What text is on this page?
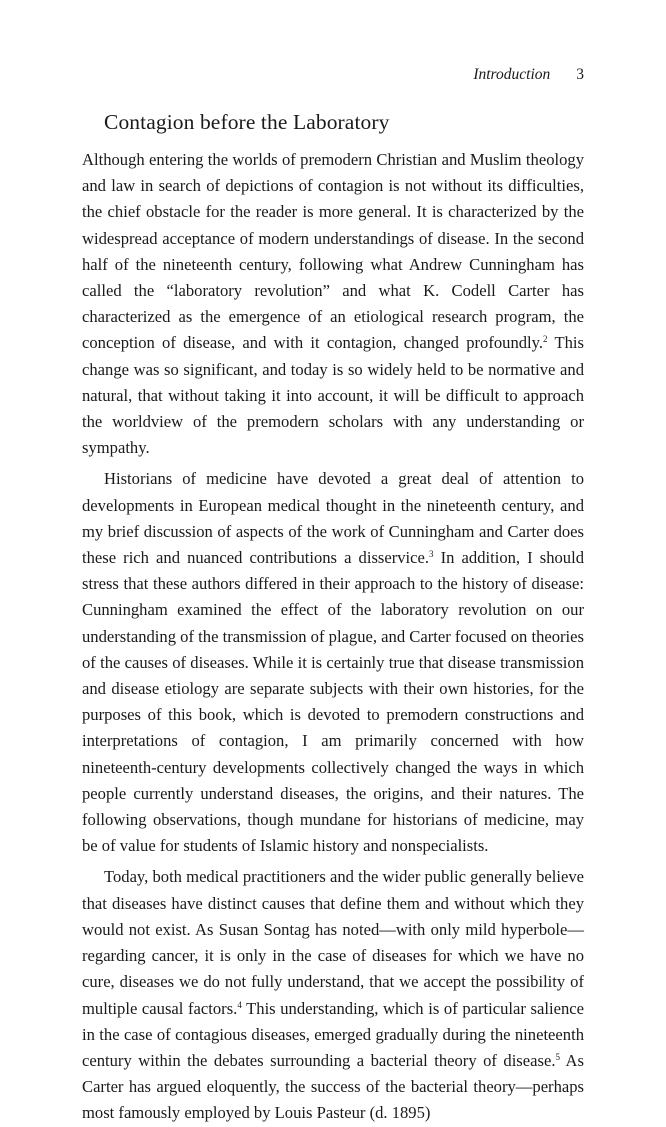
Introduction 3
Contagion before the Laboratory

Although entering the worlds of premodern Christian and Muslim theology and law in search of depictions of contagion is not without its difficulties, the chief obstacle for the reader is more general. It is characterized by the widespread acceptance of modern understandings of disease. In the second half of the nineteenth century, following what Andrew Cunningham has called the “laboratory revolution” and what K. Codell Carter has characterized as the emergence of an etiological research program, the conception of disease, and with it contagion, changed profoundly.$^2$ This change was so significant, and today is so widely held to be normative and natural, that without taking it into account, it will be difficult to approach the worldview of the premodern scholars with any understanding or sympathy.

Historians of medicine have devoted a great deal of attention to developments in European medical thought in the nineteenth century, and my brief discussion of aspects of the work of Cunningham and Carter does these rich and nuanced contributions a disservice.$^3$ In addition, I should stress that these authors differed in their approach to the history of disease: Cunningham examined the effect of the laboratory revolution on our understanding of the transmission of plague, and Carter focused on theories of the causes of diseases. While it is certainly true that disease transmission and disease etiology are separate subjects with their own histories, for the purposes of this book, which is devoted to premodern constructions and interpretations of contagion, I am primarily concerned with how nineteenth-century developments collectively changed the ways in which people currently understand diseases, the origins, and their natures. The following observations, though mundane for historians of medicine, may be of value for students of Islamic history and nonspecialists.

Today, both medical practitioners and the wider public generally believe that diseases have distinct causes that define them and without which they would not exist. As Susan Sontag has noted—with only mild hyperbole—regarding cancer, it is only in the case of diseases for which we have no cure, diseases we do not fully understand, that we accept the possibility of multiple causal factors.$^4$ This understanding, which is of particular salience in the case of contagious diseases, emerged gradually during the nineteenth century within the debates surrounding a bacterial theory of disease.$^5$ As Carter has argued eloquently, the success of the bacterial theory—perhaps most famously employed by Louis Pasteur (d. 1895)
